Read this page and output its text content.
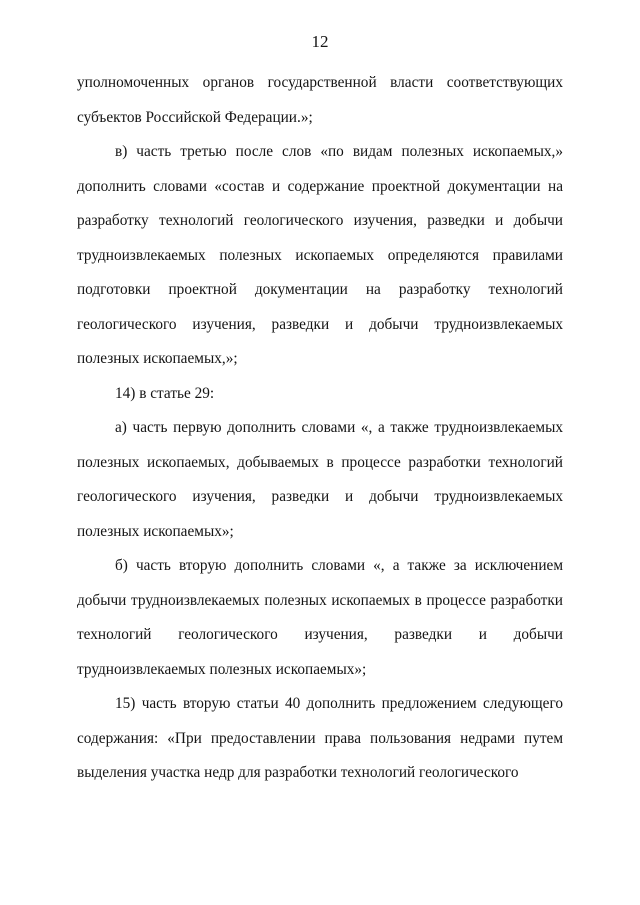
12

уполномоченных органов государственной власти соответствующих субъектов Российской Федерации.»;

в) часть третью после слов «по видам полезных ископаемых,» дополнить словами «состав и содержание проектной документации на разработку технологий геологического изучения, разведки и добычи трудноизвлекаемых полезных ископаемых определяются правилами подготовки проектной документации на разработку технологий геологического изучения, разведки и добычи трудноизвлекаемых полезных ископаемых,»;

14) в статье 29:

а) часть первую дополнить словами «, а также трудноизвлекаемых полезных ископаемых, добываемых в процессе разработки технологий геологического изучения, разведки и добычи трудноизвлекаемых полезных ископаемых»;

б) часть вторую дополнить словами «, а также за исключением добычи трудноизвлекаемых полезных ископаемых в процессе разработки технологий геологического изучения, разведки и добычи трудноизвлекаемых полезных ископаемых»;

15) часть вторую статьи 40 дополнить предложением следующего содержания: «При предоставлении права пользования недрами путем выделения участка недр для разработки технологий геологического
